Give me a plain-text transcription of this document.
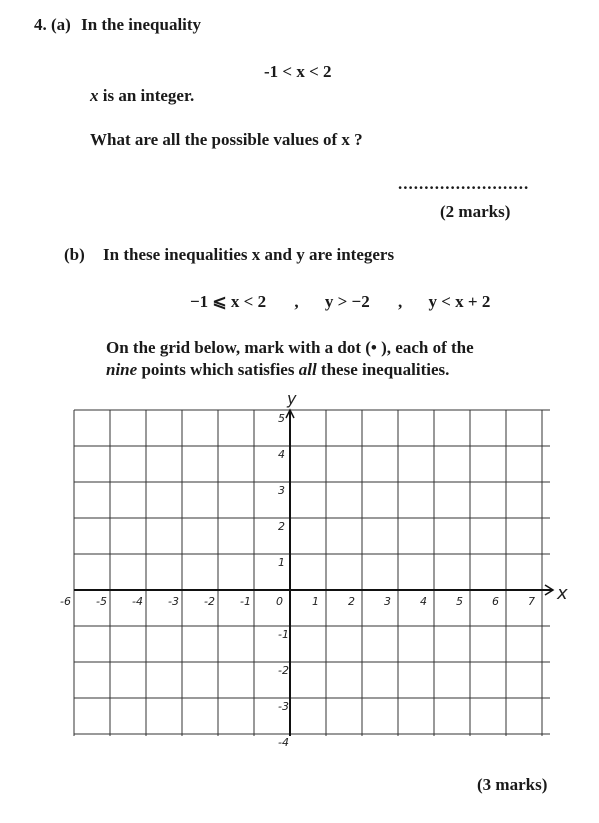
4. (a) In the inequality
-1 < x < 2
x is an integer.
What are all the possible values of x ?
.........................
(2 marks)
(b) In these inequalities x and y are integers
−1 ⩽ x < 2 , y > −2 , y < x + 2
On the grid below, mark with a dot (• ), each of the
nine points which satisfies all these inequalities.
-6 -5 -4 -3 -2 -1 0	1	2	3	4	5	6	7
5
4
3
2
1
-1
-2
-3
-4
x
y
(3 marks)
